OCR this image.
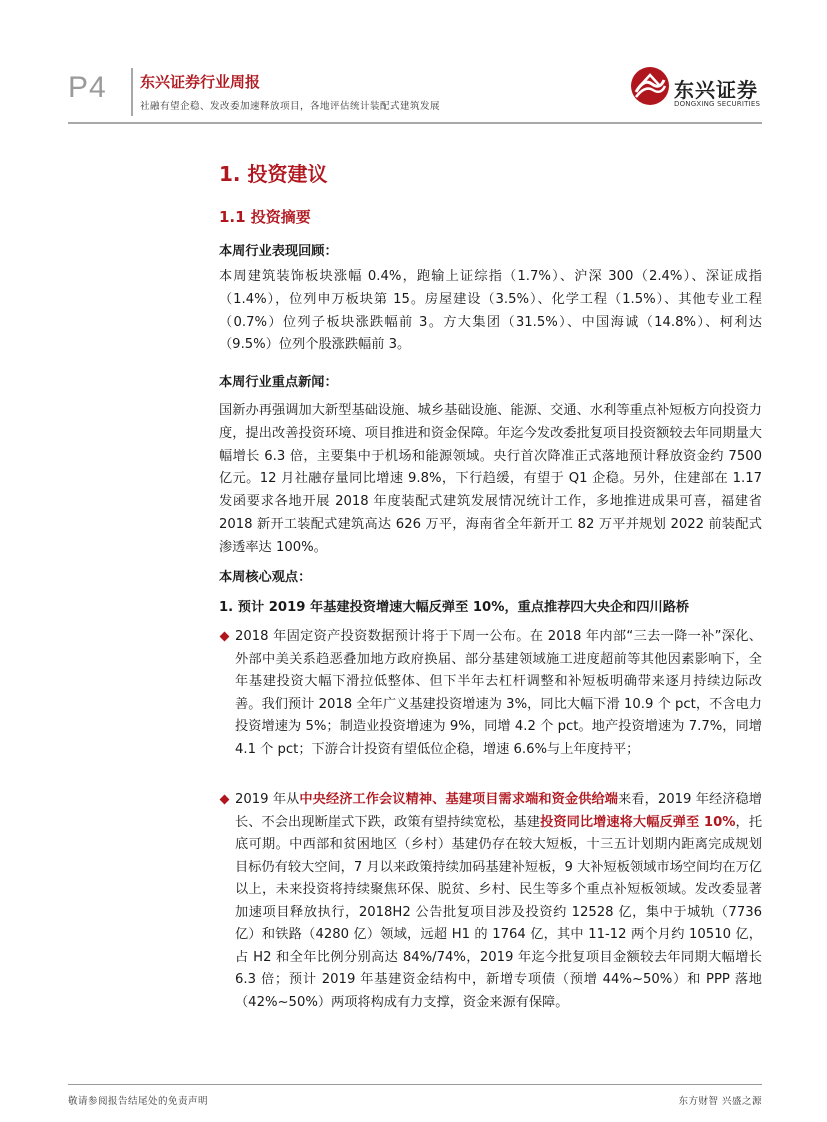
P4 东兴证券行业周报
社融有望企稳、发改委加速释放项目，各地评估统计装配式建筑发展
东兴证券
DONGXING SECURITIES
1. 投资建议
1.1 投资摘要
本周行业表现回顾：
本周建筑装饰板块涨幅 0.4%，跑输上证综指（1.7%）、沪深 300（2.4%）、深证成指（1.4%），位列申万板块第 15。房屋建设（3.5%）、化学工程（1.5%）、其他专业工程（0.7%）位列子板块涨跌幅前 3。方大集团（31.5%）、中国海诚（14.8%）、柯利达（9.5%）位列个股涨跌幅前 3。
本周行业重点新闻：
国新办再强调加大新型基础设施、城乡基础设施、能源、交通、水利等重点补短板方向投资力度，提出改善投资环境、项目推进和资金保障。年迄今发改委批复项目投资额较去年同期量大幅增长 6.3 倍，主要集中于机场和能源领域。央行首次降准正式落地预计释放资金约 7500 亿元。12 月社融存量同比增速 9.8%，下行趋缓，有望于 Q1 企稳。另外，住建部在 1.17 发函要求各地开展 2018 年度装配式建筑发展情况统计工作，多地推进成果可喜，福建省 2018 新开工装配式建筑高达 626 万平，海南省全年新开工 82 万平并规划 2022 前装配式渗透率达 100%。
本周核心观点：
1. 预计 2019 年基建投资增速大幅反弹至 10%，重点推荐四大央企和四川路桥
2018 年固定资产投资数据预计将于下周一公布。在 2018 年内部“三去一降一补”深化、外部中美关系趋恶叠加地方政府换届、部分基建领域施工进度超前等其他因素影响下，全年基建投资大幅下滑拉低整体、但下半年去杠杆调整和补短板明确带来逐月持续边际改善。我们预计 2018 全年广义基建投资增速为 3%，同比大幅下滑 10.9 个 pct，不含电力投资增速为 5%；制造业投资增速为 9%，同增 4.2 个 pct。地产投资增速为 7.7%，同增 4.1 个 pct；下游合计投资有望低位企稳，增速 6.6%与上年度持平；
2019 年从中央经济工作会议精神、基建项目需求端和资金供给端来看，2019 年经济稳增长、不会出现断崖式下跌，政策有望持续宽松，基建投资同比增速将大幅反弹至 10%，托底可期。中西部和贫困地区（乡村）基建仍存在较大短板，十三五计划期内距离完成规划目标仍有较大空间，7 月以来政策持续加码基建补短板，9 大补短板领域市场空间均在万亿以上，未来投资将持续聚焦环保、脱贫、乡村、民生等多个重点补短板领域。发改委显著加速项目释放执行，2018H2 公告批复项目涉及投资约 12528 亿，集中于城轨（7736 亿）和铁路（4280 亿）领域，远超 H1 的 1764 亿，其中 11-12 两个月约 10510 亿，占 H2 和全年比例分别高达 84%/74%，2019 年迄今批复项目金额较去年同期大幅增长 6.3 倍；预计 2019 年基建资金结构中，新增专项债（预增 44%~50%）和 PPP 落地（42%~50%）两项将构成有力支撑，资金来源有保障。
敬请参阅报告结尾处的免责声明	东方财智 兴盛之源
